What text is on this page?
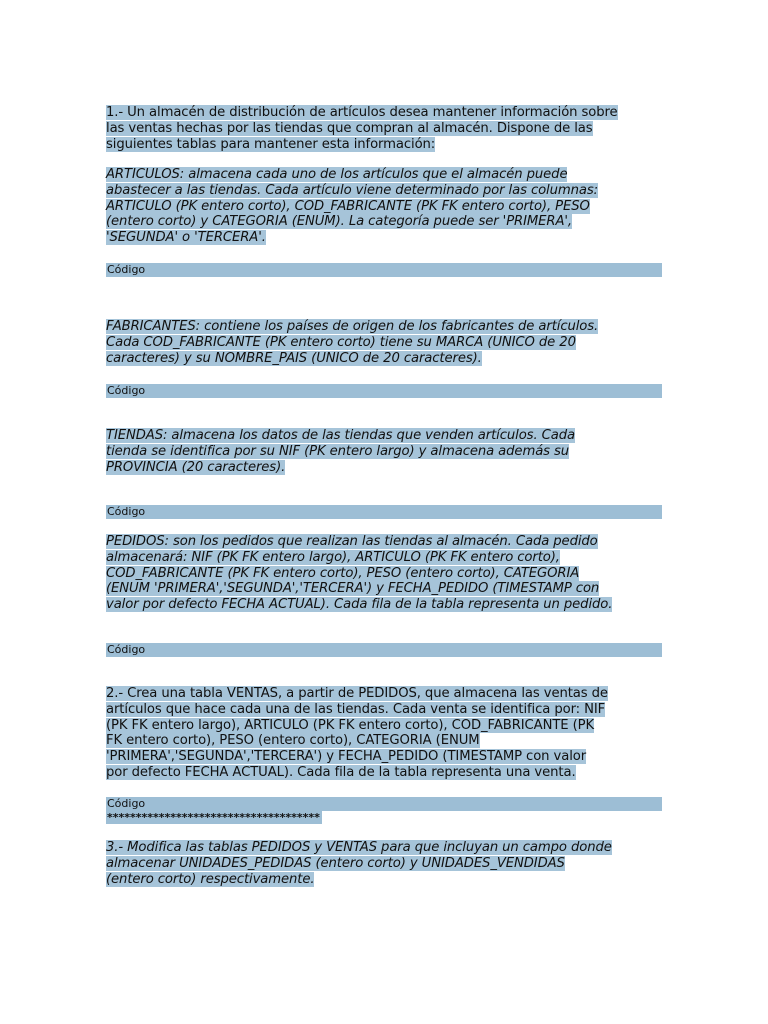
1.- Un almacén de distribución de artículos desea mantener información sobre
las ventas hechas por las tiendas que compran al almacén. Dispone de las
siguientes tablas para mantener esta información:
ARTICULOS: almacena cada uno de los artículos que el almacén puede
abastecer a las tiendas. Cada artículo viene determinado por las columnas:
ARTICULO (PK entero corto), COD_FABRICANTE (PK FK entero corto), PESO
(entero corto) y CATEGORIA (ENUM). La categoría puede ser 'PRIMERA',
'SEGUNDA' o 'TERCERA'.
Código
FABRICANTES: contiene los países de origen de los fabricantes de artículos.
Cada COD_FABRICANTE (PK entero corto) tiene su MARCA (UNICO de 20
caracteres) y su NOMBRE_PAIS (UNICO de 20 caracteres).
Código
TIENDAS: almacena los datos de las tiendas que venden artículos. Cada
tienda se identifica por su NIF (PK entero largo) y almacena además su
PROVINCIA (20 caracteres).
Código
PEDIDOS: son los pedidos que realizan las tiendas al almacén. Cada pedido
almacenará: NIF (PK FK entero largo), ARTICULO (PK FK entero corto),
COD_FABRICANTE (PK FK entero corto), PESO (entero corto), CATEGORIA
(ENUM 'PRIMERA','SEGUNDA','TERCERA') y FECHA_PEDIDO (TIMESTAMP con
valor por defecto FECHA ACTUAL). Cada fila de la tabla representa un pedido.
Código
2.- Crea una tabla VENTAS, a partir de PEDIDOS, que almacena las ventas de
artículos que hace cada una de las tiendas. Cada venta se identifica por: NIF
(PK FK entero largo), ARTICULO (PK FK entero corto), COD_FABRICANTE (PK
FK entero corto), PESO (entero corto), CATEGORIA (ENUM
'PRIMERA','SEGUNDA','TERCERA') y FECHA_PEDIDO (TIMESTAMP con valor
por defecto FECHA ACTUAL). Cada fila de la tabla representa una venta.
Código
*************************************
3.- Modifica las tablas PEDIDOS y VENTAS para que incluyan un campo donde
almacenar UNIDADES_PEDIDAS (entero corto) y UNIDADES_VENDIDAS
(entero corto) respectivamente.
